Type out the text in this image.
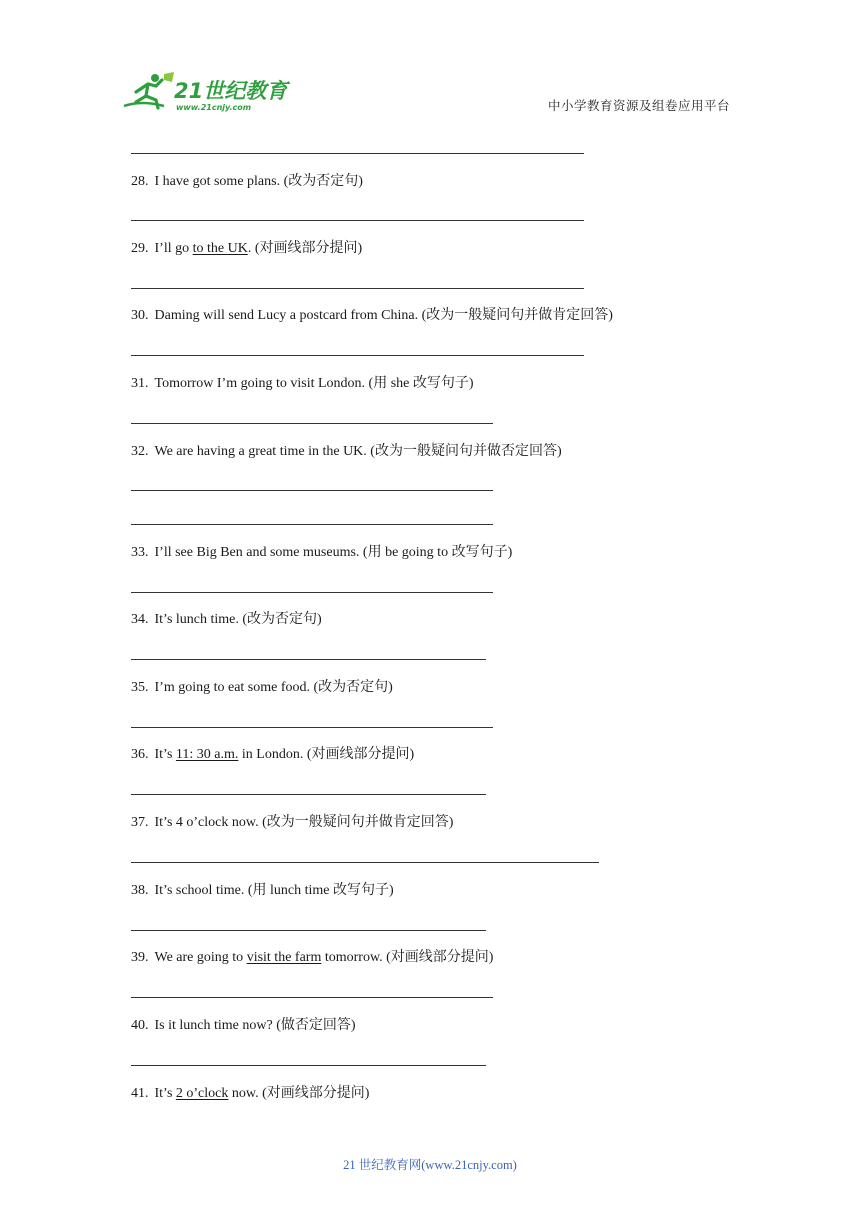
21世纪教育
www.21cnjy.com	中小学教育资源及组卷应用平台
28. I have got some plans. (改为否定句)
29. I’ll go to the UK. (对画线部分提问)
30. Daming will send Lucy a postcard from China. (改为一般疑问句并做肯定回答)
31. Tomorrow I’m going to visit London. (用 she 改写句子)
32. We are having a great time in the UK. (改为一般疑问句并做否定回答)
33. I’ll see Big Ben and some museums. (用 be going to 改写句子)
34. It’s lunch time. (改为否定句)
35. I’m going to eat some food. (改为否定句)
36. It’s 11: 30 a.m. in London. (对画线部分提问)
37. It’s 4 o’clock now. (改为一般疑问句并做肯定回答)
38. It’s school time. (用 lunch time 改写句子)
39. We are going to visit the farm tomorrow. (对画线部分提问)
40. Is it lunch time now? (做否定回答)
41. It’s 2 o’clock now. (对画线部分提问)
21 世纪教育网(www.21cnjy.com)
